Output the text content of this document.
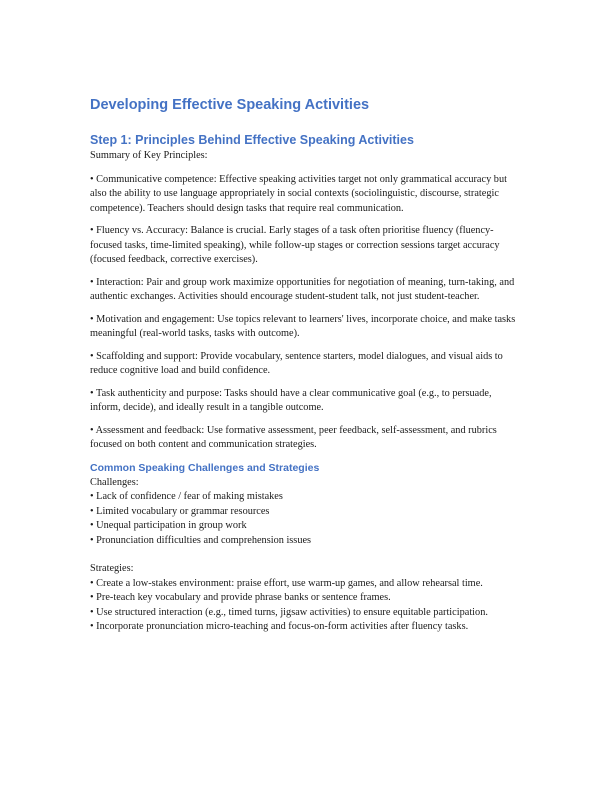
Developing Effective Speaking Activities
Step 1: Principles Behind Effective Speaking Activities
Summary of Key Principles:

• Communicative competence: Effective speaking activities target not only grammatical accuracy but also the ability to use language appropriately in social contexts (sociolinguistic, discourse, strategic competence). Teachers should design tasks that require real communication.

• Fluency vs. Accuracy: Balance is crucial. Early stages of a task often prioritise fluency (fluency-focused tasks, time-limited speaking), while follow-up stages or correction sessions target accuracy (focused feedback, corrective exercises).

• Interaction: Pair and group work maximize opportunities for negotiation of meaning, turn-taking, and authentic exchanges. Activities should encourage student-student talk, not just student-teacher.

• Motivation and engagement: Use topics relevant to learners' lives, incorporate choice, and make tasks meaningful (real-world tasks, tasks with outcome).

• Scaffolding and support: Provide vocabulary, sentence starters, model dialogues, and visual aids to reduce cognitive load and build confidence.

• Task authenticity and purpose: Tasks should have a clear communicative goal (e.g., to persuade, inform, decide), and ideally result in a tangible outcome.

• Assessment and feedback: Use formative assessment, peer feedback, self-assessment, and rubrics focused on both content and communication strategies.

Common Speaking Challenges and Strategies
Challenges:

• Lack of confidence / fear of making mistakes

• Limited vocabulary or grammar resources

• Unequal participation in group work

• Pronunciation difficulties and comprehension issues

Strategies:

• Create a low-stakes environment: praise effort, use warm-up games, and allow rehearsal time.

• Pre-teach key vocabulary and provide phrase banks or sentence frames.

• Use structured interaction (e.g., timed turns, jigsaw activities) to ensure equitable participation.

• Incorporate pronunciation micro-teaching and focus-on-form activities after fluency tasks.
